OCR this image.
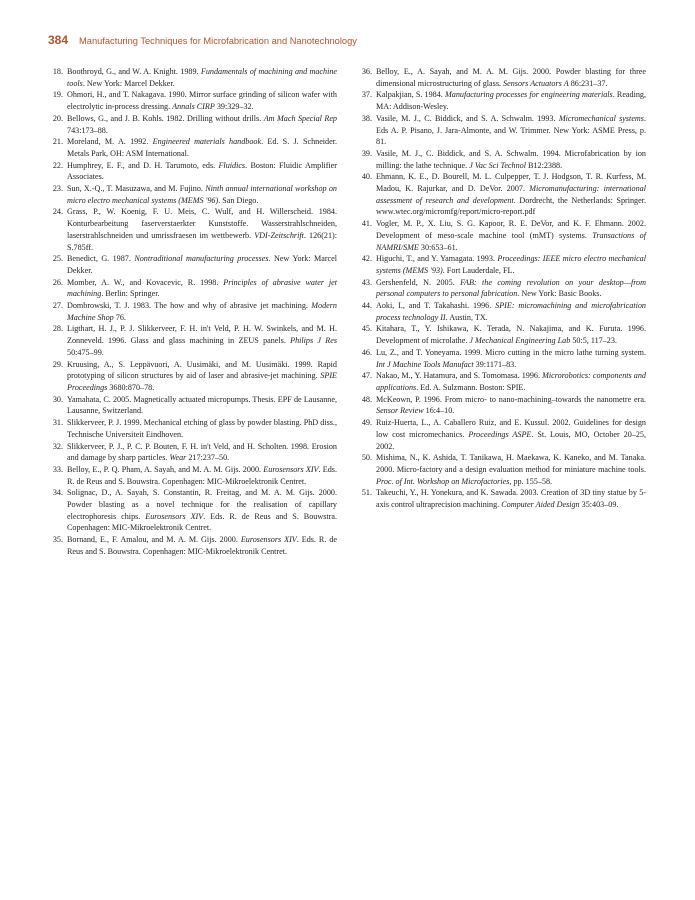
384 Manufacturing Techniques for Microfabrication and Nanotechnology
18. Boothroyd, G., and W. A. Knight. 1989. Fundamentals of machining and machine tools. New York: Marcel Dekker.
19. Ohmori, H., and T. Nakagava. 1990. Mirror surface grinding of silicon wafer with electrolytic in-process dressing. Annals CIRP 39:329–32.
20. Bellows, G., and J. B. Kohls. 1982. Drilling without drills. Am Mach Special Rep 743:173–88.
21. Moreland, M. A. 1992. Engineered materials handbook. Ed. S. J. Schneider. Metals Park, OH: ASM International.
22. Humphrey, E. F., and D. H. Tarumoto, eds. Fluidics. Boston: Fluidic Amplifier Associates.
23. Sun, X.-Q., T. Masuzawa, and M. Fujino. Ninth annual international workshop on micro electro mechanical systems (MEMS '96). San Diego.
24. Grass, P., W. Koenig, F. U. Meis, C. Wulf, and H. Willerscheid. 1984. Konturbearbeitung faserverstaerkter Kunststoffe. Wasserstrahlschneiden, laserstrahlschneiden und umrissfraesen im wettbewerb. VDI-Zeitschrift. 126(21): S.785ff.
25. Benedict, G. 1987. Nontraditional manufacturing processes. New York: Marcel Dekker.
26. Momber, A. W., and Kovacevic, R. 1998. Principles of abrasive water jet machining. Berlin: Springer.
27. Dombrowski, T. J. 1983. The how and why of abrasive jet machining. Modern Machine Shop 76.
28. Ligthart, H. J., P. J. Slikkerveer, F. H. in't Veld, P. H. W. Swinkels, and M. H. Zonneveld. 1996. Glass and glass machining in ZEUS panels. Philips J Res 50:475–99.
29. Kruusing, A., S. Leppävuori, A. Uusimäki, and M. Uusimäki. 1999. Rapid prototyping of silicon structures by aid of laser and abrasive-jet machining. SPIE Proceedings 3680:870–78.
30. Yamahata, C. 2005. Magnetically actuated micropumps. Thesis. EPF de Lausanne, Lausanne, Switzerland.
31. Slikkerveer, P. J. 1999. Mechanical etching of glass by powder blasting. PhD diss., Technische Universiteit Eindhoven.
32. Slikkerveer, P. J., P. C. P. Bouten, F. H. in't Veld, and H. Scholten. 1998. Erosion and damage by sharp particles. Wear 217:237–50.
33. Belloy, E., P. Q. Pham, A. Sayah, and M. A. M. Gijs. 2000. Eurosensors XIV. Eds. R. de Reus and S. Bouwstra. Copenhagen: MIC-Mikroelektronik Centret.
34. Solignac, D., A. Sayah, S. Constantin, R. Freitag, and M. A. M. Gijs. 2000. Powder blasting as a novel technique for the realisation of capillary electrophoresis chips. Eurosensors XIV. Eds. R. de Reus and S. Bouwstra. Copenhagen: MIC-Mikroelektronik Centret.
35. Bornand, E., F. Amalou, and M. A. M. Gijs. 2000. Eurosensors XIV. Eds. R. de Reus and S. Bouwstra. Copenhagen: MIC-Mikroelektronik Centret.
36. Belloy, E., A. Sayah, and M. A. M. Gijs. 2000. Powder blasting for three dimensional microstructuring of glass. Sensors Actuators A 86:231–37.
37. Kalpakjian, S. 1984. Manufacturing processes for engineering materials. Reading, MA: Addison-Wesley.
38. Vasile, M. J., C. Biddick, and S. A. Schwalm. 1993. Micromechanical systems. Eds A. P. Pisano, J. Jara-Almonte, and W. Trimmer. New York: ASME Press, p. 81.
39. Vasile, M. J., C. Biddick, and S. A. Schwalm. 1994. Microfabrication by ion milling: the lathe technique. J Vac Sci Technol B12:2388.
40. Ehmann, K. E., D. Bourell, M. L. Culpepper, T. J. Hodgson, T. R. Kurfess, M. Madou, K. Rajurkar, and D. DeVor. 2007. Micromanufacturing: international assessment of research and development. Dordrecht, the Netherlands: Springer. www.wtec.org/micromfg/report/micro-report.pdf
41. Vogler, M. P., X. Liu, S. G. Kapoor, R. E. DeVor, and K. F. Ehmann. 2002. Development of meso-scale machine tool (mMT) systems. Transactions of NAMRI/SME 30:653–61.
42. Higuchi, T., and Y. Yamagata. 1993. Proceedings: IEEE micro electro mechanical systems (MEMS '93). Fort Lauderdale, FL.
43. Gershenfeld, N. 2005. FAB: the coming revolution on your desktop—from personal computers to personal fabrication. New York: Basic Books.
44. Aoki, I., and T. Takahashi. 1996. SPIE: micromachining and microfabrication process technology II. Austin, TX.
45. Kitahara, T., Y. Ishikawa, K. Terada, N. Nakajima, and K. Furuta. 1996. Development of microlathe. J Mechanical Engineering Lab 50:5, 117–23.
46. Lu, Z., and T. Yoneyama. 1999. Micro cutting in the micro lathe turning system. Int J Machine Tools Manufact 39:1171–83.
47. Nakao, M., Y. Hatamura, and S. Tomomasa. 1996. Microrobotics: components and applications. Ed. A. Sulzmann. Boston: SPIE.
48. McKeown, P. 1996. From micro- to nano-machining–towards the nanometre era. Sensor Review 16:4–10.
49. Ruiz-Huerta, L., A. Caballero Ruiz, and E. Kussul. 2002. Guidelines for design low cost micromechanics. Proceedings ASPE. St. Louis, MO, October 20–25, 2002.
50. Mishima, N., K. Ashida, T. Tanikawa, H. Maekawa, K. Kaneko, and M. Tanaka. 2000. Micro-factory and a design evaluation method for miniature machine tools. Proc. of Int. Workshop on Microfactories, pp. 155–58.
51. Takeuchi, Y., H. Yonekura, and K. Sawada. 2003. Creation of 3D tiny statue by 5-axis control ultraprecision machining. Computer Aided Design 35:403–09.
